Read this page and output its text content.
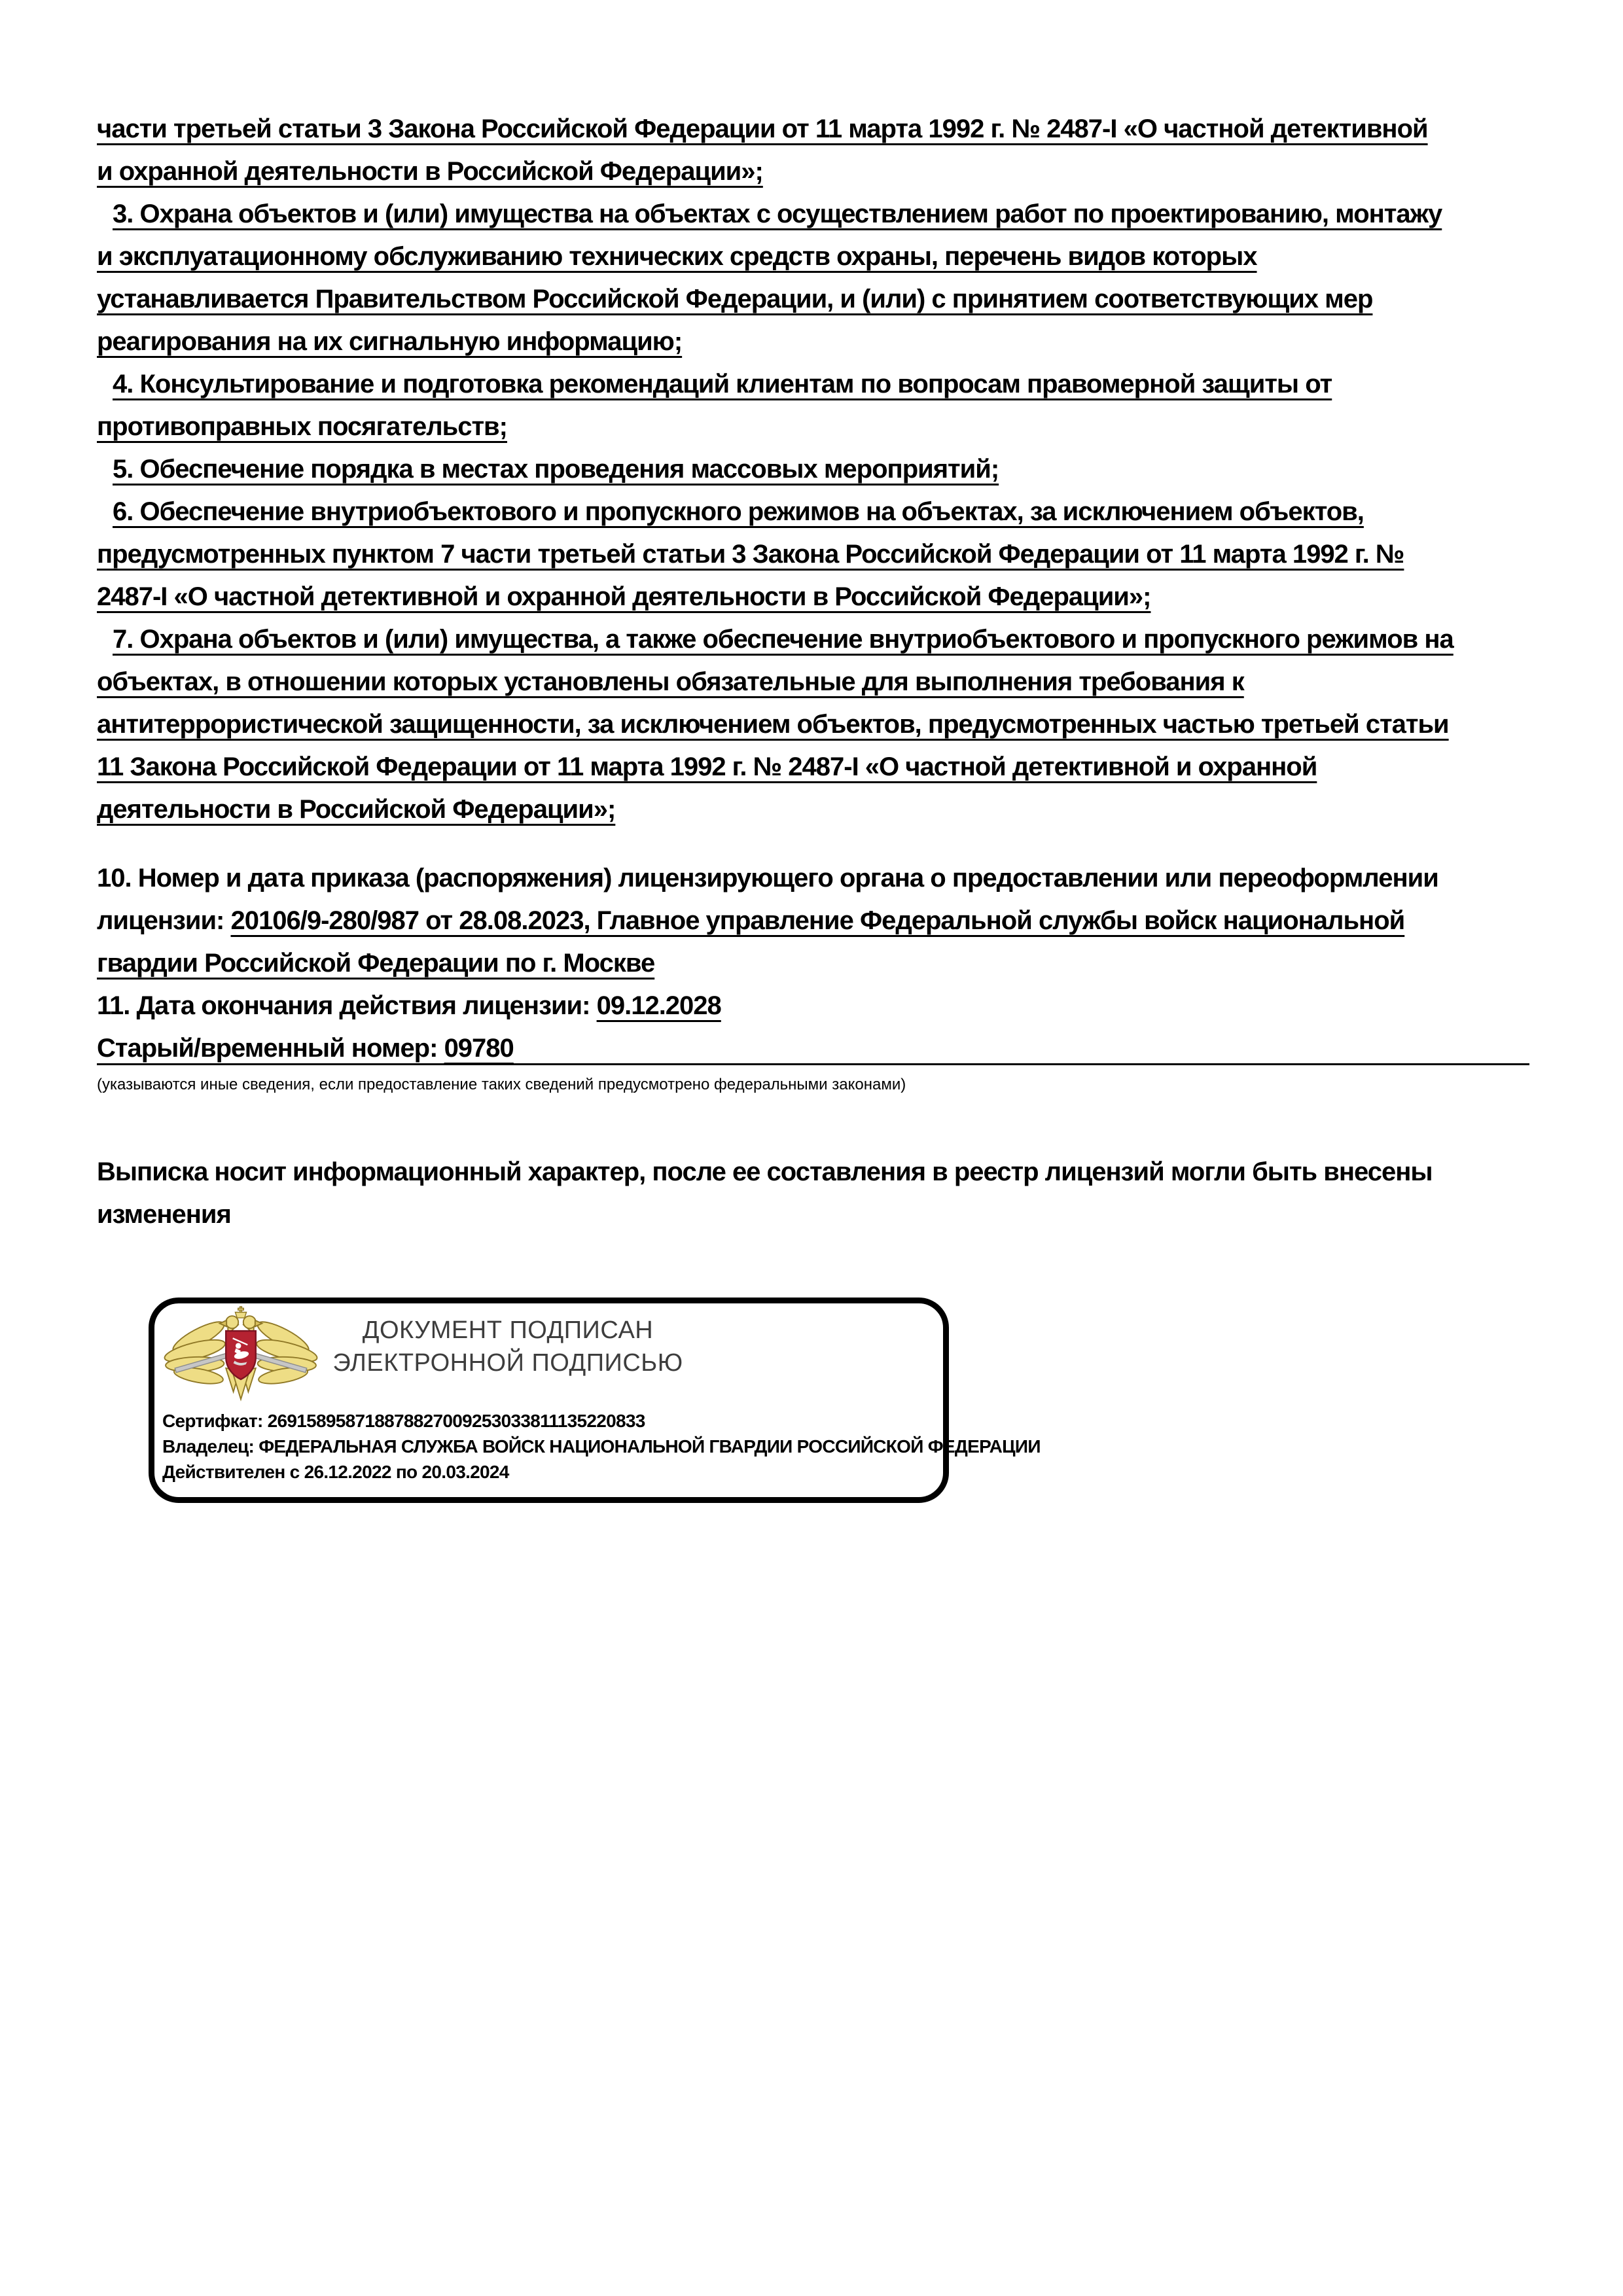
части третьей статьи 3 Закона Российской Федерации от 11 марта 1992 г. № 2487-I «О частной детективной
и охранной деятельности в Российской Федерации»;
3. Охрана объектов и (или) имущества на объектах с осуществлением работ по проектированию, монтажу
и эксплуатационному обслуживанию технических средств охраны, перечень видов которых
устанавливается Правительством Российской Федерации, и (или) с принятием соответствующих мер
реагирования на их сигнальную информацию;
4. Консультирование и подготовка рекомендаций клиентам по вопросам правомерной защиты от
противоправных посягательств;
5. Обеспечение порядка в местах проведения массовых мероприятий;
6. Обеспечение внутриобъектового и пропускного режимов на объектах, за исключением объектов,
предусмотренных пунктом 7 части третьей статьи 3 Закона Российской Федерации от 11 марта 1992 г. №
2487-I «О частной детективной и охранной деятельности в Российской Федерации»;
7. Охрана объектов и (или) имущества, а также обеспечение внутриобъектового и пропускного режимов на
объектах, в отношении которых установлены обязательные для выполнения требования к
антитеррористической защищенности, за исключением объектов, предусмотренных частью третьей статьи
11 Закона Российской Федерации от 11 марта 1992 г. № 2487-I «О частной детективной и охранной
деятельности в Российской Федерации»;
10. Номер и дата приказа (распоряжения) лицензирующего органа о предоставлении или переоформлении
лицензии: 20106/9-280/987 от 28.08.2023, Главное управление Федеральной службы войск национальной
гвардии Российской Федерации по г. Москве
11. Дата окончания действия лицензии: 09.12.2028
Старый/временный номер: 09780
(указываются иные сведения, если предоставление таких сведений предусмотрено федеральными законами)
Выписка носит информационный характер, после ее составления в реестр лицензий могли быть внесены
изменения
ДОКУМЕНТ ПОДПИСАН
ЭЛЕКТРОННОЙ ПОДПИСЬЮ
Сертифкат: 269158958718878827009253033811135220833
Владелец: ФЕДЕРАЛЬНАЯ СЛУЖБА ВОЙСК НАЦИОНАЛЬНОЙ ГВАРДИИ РОССИЙСКОЙ ФЕДЕРАЦИИ
Действителен с 26.12.2022 по 20.03.2024
